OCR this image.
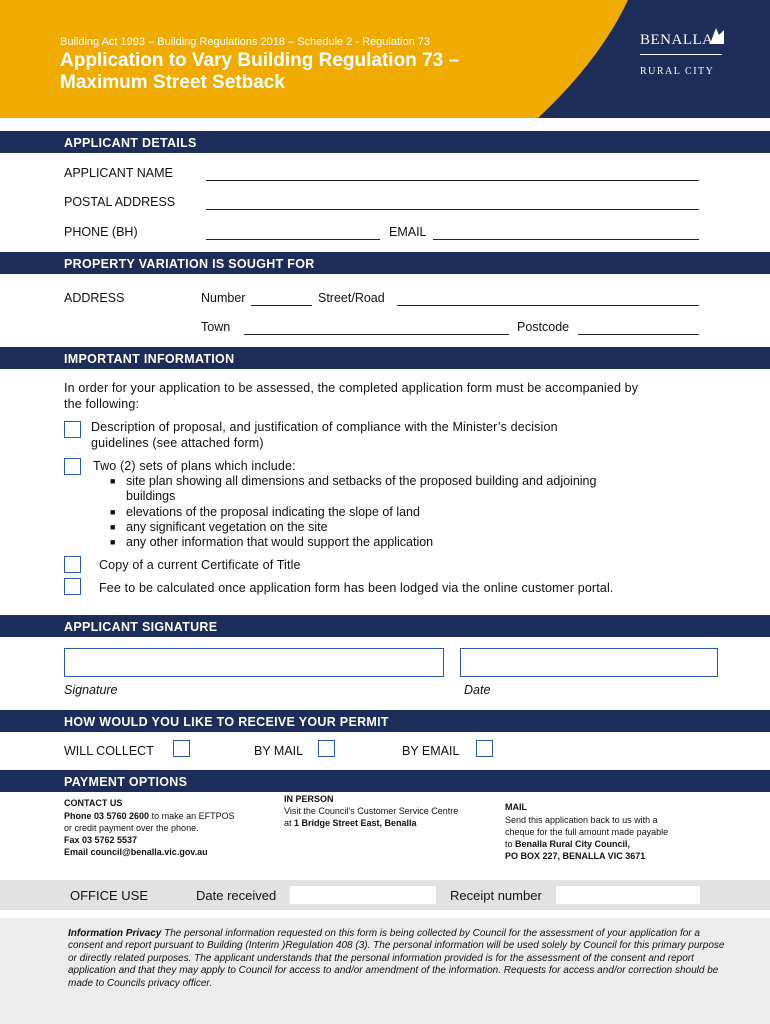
Building Act 1993 – Building Regulations 2018 – Schedule 2 - Regulation 73
Application to Vary Building Regulation 73 –
Maximum Street Setback
BENALLA
RURAL CITY
APPLICANT DETAILS
APPLICANT NAME
POSTAL ADDRESS
PHONE (BH)	EMAIL
PROPERTY VARIATION IS SOUGHT FOR
ADDRESS	Number	Street/Road
Town	Postcode
IMPORTANT INFORMATION
In order for your application to be assessed, the completed application form must be accompanied by
the following:
Description of proposal, and justification of compliance with the Minister’s decision
guidelines (see attached form)
Two (2) sets of plans which include:
■ site plan showing all dimensions and setbacks of the proposed building and adjoining
buildings
■ elevations of the proposal indicating the slope of land
■ any significant vegetation on the site
■ any other information that would support the application
Copy of a current Certificate of Title
Fee to be calculated once application form has been lodged via the online customer portal.
APPLICANT SIGNATURE
Signature	Date
HOW WOULD YOU LIKE TO RECEIVE YOUR PERMIT
WILL COLLECT	BY MAIL	BY EMAIL
PAYMENT OPTIONS
CONTACT US
Phone 03 5760 2600 to make an EFTPOS
or credit payment over the phone.
Fax 03 5762 5537
Email council@benalla.vic.gov.au
IN PERSON
Visit the Council’s Customer Service Centre
at 1 Bridge Street East, Benalla
MAIL
Send this application back to us with a
cheque for the full amount made payable
to Benalla Rural City Council,
PO BOX 227, BENALLA VIC 3671
OFFICE USE	Date received	Receipt number

Information Privacy The personal information requested on this form is being collected by Council for the assessment of your application for a consent and report pursuant to Building (Interim )Regulation 408 (3). The personal information will be used solely by Council for this primary purpose or directly related purposes. The applicant understands that the personal information provided is for the assessment of the consent and report application and that they may apply to Council for access to and/or amendment of the information. Requests for access and/or correction should be made to Councils privacy officer.
